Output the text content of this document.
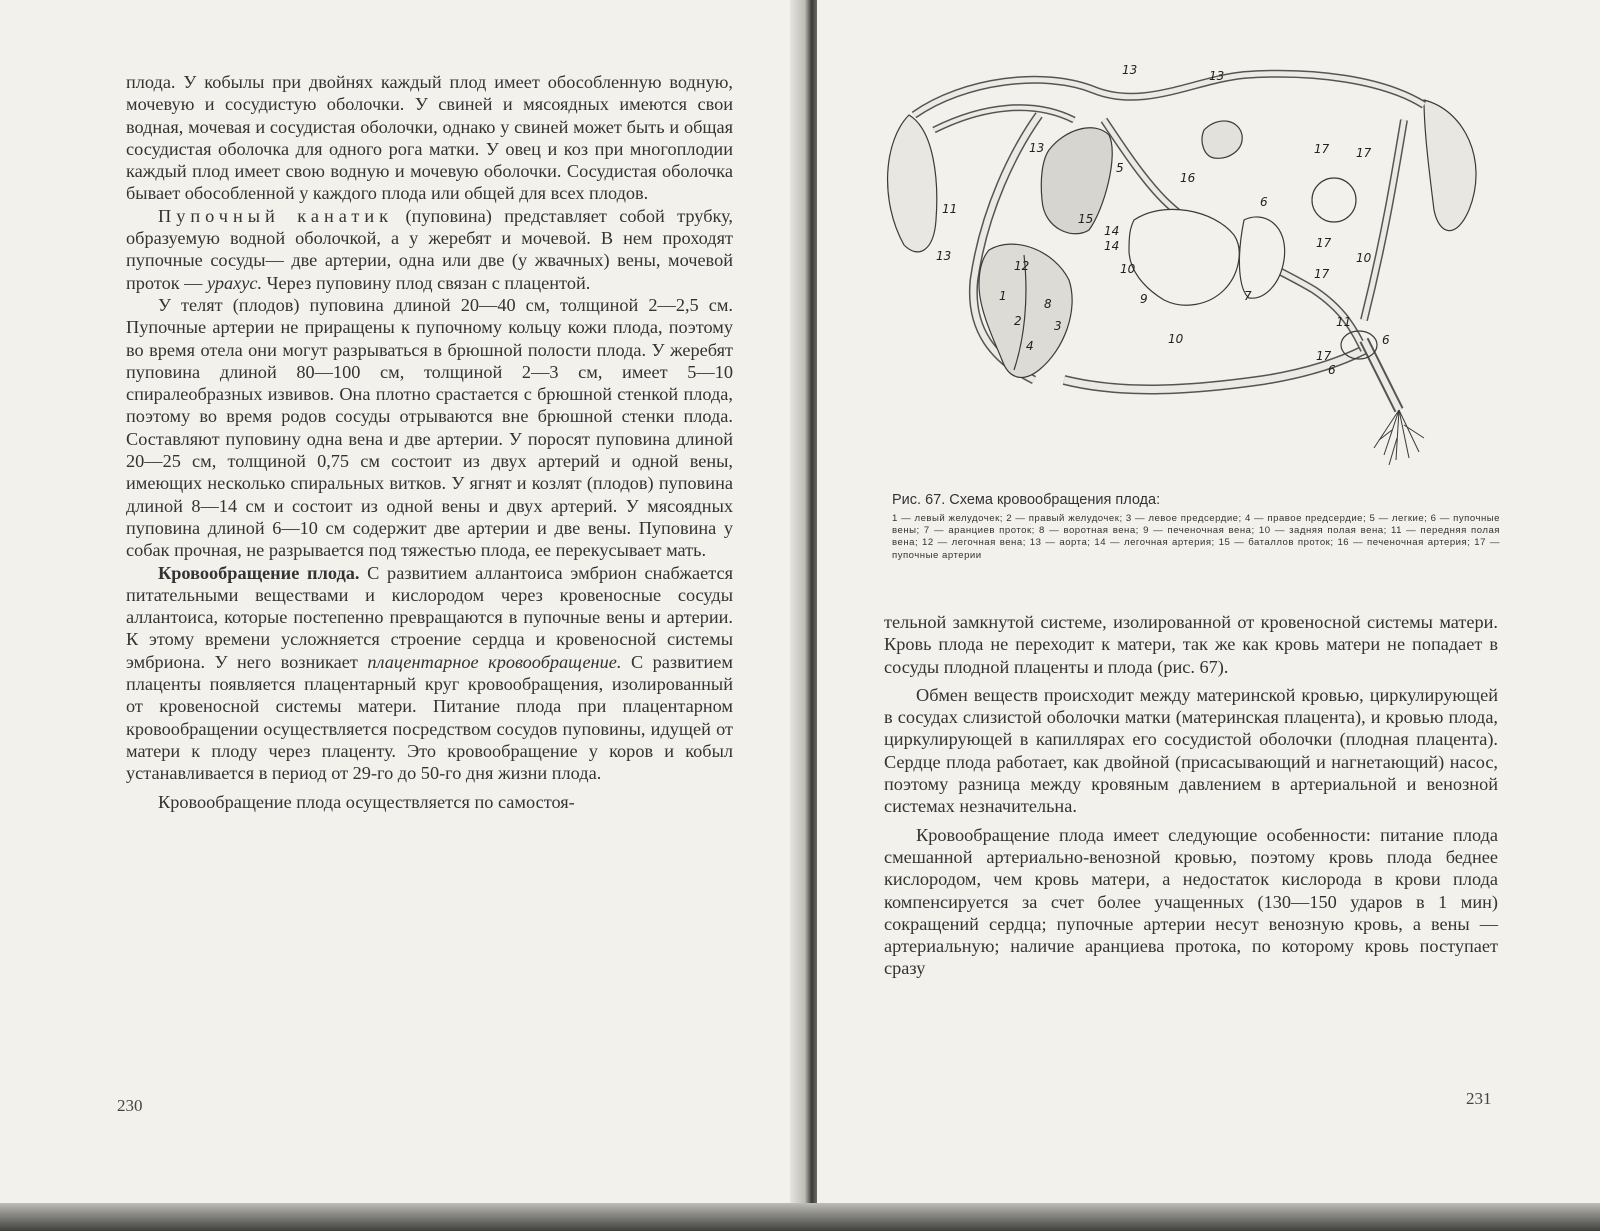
плода. У кобылы при двойнях каждый плод имеет обособленную водную, мочевую и сосудистую оболочки. У свиней и мясоядных имеются свои водная, мочевая и сосудистая оболочки, однако у свиней может быть и общая сосудистая оболочка для одного рога матки. У овец и коз при многоплодии каждый плод имеет свою водную и мочевую оболочки. Сосудистая оболочка бывает обособленной у каждого плода или общей для всех плодов.

Пупочный канатик (пуповина) представляет собой трубку, образуемую водной оболочкой, а у жеребят и мочевой. В нем проходят пупочные сосуды— две артерии, одна или две (у жвачных) вены, мочевой проток — урахус. Через пуповину плод связан с плацентой.

У телят (плодов) пуповина длиной 20—40 см, толщиной 2—2,5 см. Пупочные артерии не приращены к пупочному кольцу кожи плода, поэтому во время отела они могут разрываться в брюшной полости плода. У жеребят пуповина длиной 80—100 см, толщиной 2—3 см, имеет 5—10 спиралеобразных извивов. Она плотно срастается с брюшной стенкой плода, поэтому во время родов сосуды отрываются вне брюшной стенки плода. Составляют пуповину одна вена и две артерии. У поросят пуповина длиной 20—25 см, толщиной 0,75 см состоит из двух артерий и одной вены, имеющих несколько спиральных витков. У ягнят и козлят (плодов) пуповина длиной 8—14 см и состоит из одной вены и двух артерий. У мясоядных пуповина длиной 6—10 см содержит две артерии и две вены. Пуповина у собак прочная, не разрывается под тяжестью плода, ее перекусывает мать.

Кровообращение плода. С развитием аллантоиса эмбрион снабжается питательными веществами и кислородом через кровеносные сосуды аллантоиса, которые постепенно превращаются в пупочные вены и артерии. К этому времени усложняется строение сердца и кровеносной системы эмбриона. У него возникает плацентарное кровообращение. С развитием плаценты появляется плацентарный круг кровообращения, изолированный от кровеносной системы матери. Питание плода при плацентарном кровообращении осуществляется посредством сосудов пуповины, идущей от матери к плоду через плаценту. Это кровообращение у коров и кобыл устанавливается в период от 29-го до 50-го дня жизни плода.

Кровообращение плода осуществляется по самостоя-

230
13	13
13
13
5
16
6
17 17
11
15
14
14
12	10
9
8
3
4
7
1
2
10
17
10
17
11
6
17
6

Рис. 67. Схема кровообращения плода:

1 — левый желудочек; 2 — правый желудочек; 3 — левое предсердие; 4 — правое предсердие; 5 — легкие; 6 — пупочные вены; 7 — аранциев проток; 8 — воротная вена; 9 — печеночная вена; 10 — задняя полая вена; 11 — передняя полая вена; 12 — легочная вена; 13 — аорта; 14 — легочная артерия; 15 — баталлов проток; 16 — печеночная артерия; 17 — пупочные артерии

тельной замкнутой системе, изолированной от кровеносной системы матери. Кровь плода не переходит к матери, так же как кровь матери не попадает в сосуды плодной плаценты и плода (рис. 67).

Обмен веществ происходит между материнской кровью, циркулирующей в сосудах слизистой оболочки матки (материнская плацента), и кровью плода, циркулирующей в капиллярах его сосудистой оболочки (плодная плацента). Сердце плода работает, как двойной (присасывающий и нагнетающий) насос, поэтому разница между кровяным давлением в артериальной и венозной системах незначительна.

Кровообращение плода имеет следующие особенности: питание плода смешанной артериально-венозной кровью, поэтому кровь плода беднее кислородом, чем кровь матери, а недостаток кислорода в крови плода компенсируется за счет более учащенных (130—150 ударов в 1 мин) сокращений сердца; пупочные артерии несут венозную кровь, а вены — артериальную; наличие аранциева протока, по которому кровь поступает сразу

231
